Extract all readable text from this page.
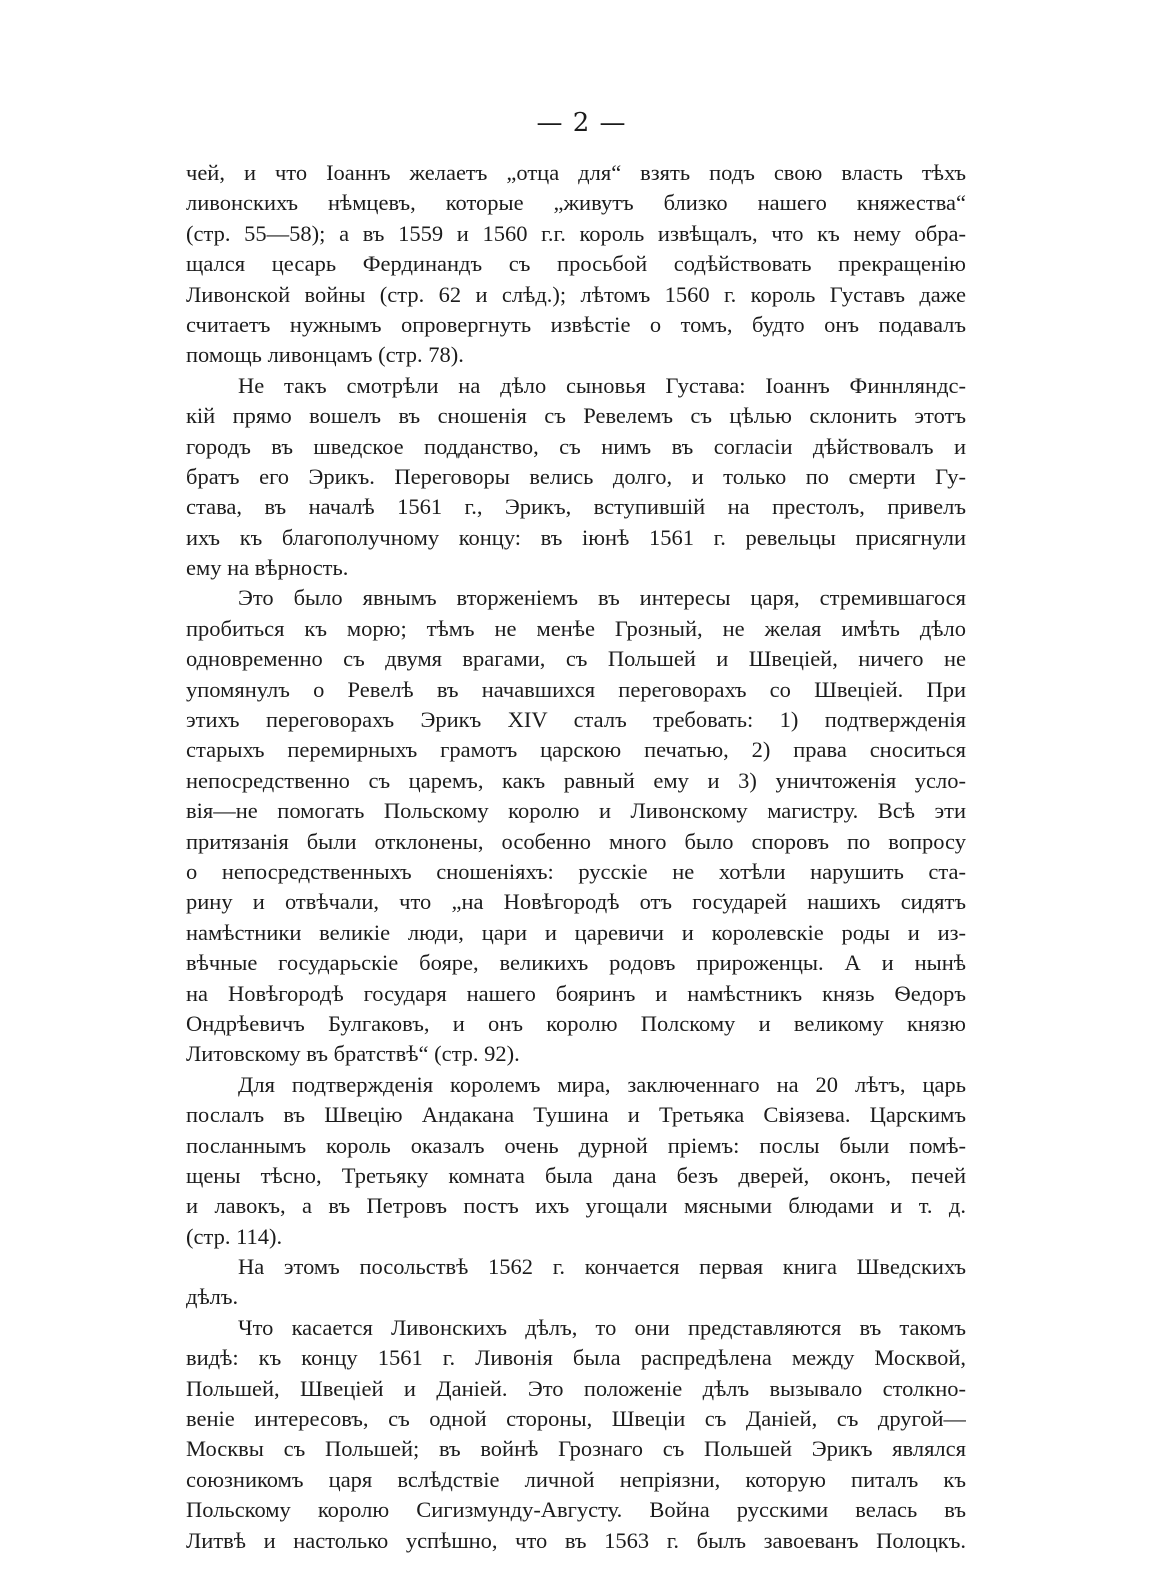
— 2 —
чей, и что Іоаннъ желаетъ „отца для“ взять подъ свою власть тѣхъ
ливонскихъ нѣмцевъ, которые „живутъ близко нашего княжества“
(стр. 55—58); а въ 1559 и 1560 г.г. король извѣщалъ, что къ нему обра-
щался цесарь Фердинандъ съ просьбой содѣйствовать прекращенію
Ливонской войны (стр. 62 и слѣд.); лѣтомъ 1560 г. король Густавъ даже
считаетъ нужнымъ опровергнуть извѣстіе о томъ, будто онъ подавалъ
помощь ливонцамъ (стр. 78).
Не такъ смотрѣли на дѣло сыновья Густава: Іоаннъ Финнляндс-
кій прямо вошелъ въ сношенія съ Ревелемъ съ цѣлью склонить этотъ
городъ въ шведское подданство, съ нимъ въ согласіи дѣйствовалъ и
братъ его Эрикъ. Переговоры велись долго, и только по смерти Гу-
става, въ началѣ 1561 г., Эрикъ, вступившій на престолъ, привелъ
ихъ къ благополучному концу: въ іюнѣ 1561 г. ревельцы присягнули
ему на вѣрность.
Это было явнымъ вторженіемъ въ интересы царя, стремившагося
пробиться къ морю; тѣмъ не менѣе Грозный, не желая имѣть дѣло
одновременно съ двумя врагами, съ Польшей и Швеціей, ничего не
упомянулъ о Ревелѣ въ начавшихся переговорахъ со Швеціей. При
этихъ переговорахъ Эрикъ XIV сталъ требовать: 1) подтвержденія
старыхъ перемирныхъ грамотъ царскою печатью, 2) права сноситься
непосредственно съ царемъ, какъ равный ему и 3) уничтоженія усло-
вія—не помогать Польскому королю и Ливонскому магистру. Всѣ эти
притязанія были отклонены, особенно много было споровъ по вопросу
о непосредственныхъ сношеніяхъ: русскіе не хотѣли нарушить ста-
рину и отвѣчали, что „на Новѣгородѣ отъ государей нашихъ сидятъ
намѣстники великіе люди, цари и царевичи и королевскіе роды и из-
вѣчные государьскіе бояре, великихъ родовъ прироженцы. А и нынѣ
на Новѣгородѣ государя нашего бояринъ и намѣстникъ князь Ѳедоръ
Ондрѣевичъ Булгаковъ, и онъ королю Полскому и великому князю
Литовскому въ братствѣ“ (стр. 92).
Для подтвержденія королемъ мира, заключеннаго на 20 лѣтъ, царь
послалъ въ Швецію Андакана Тушина и Третьяка Свіязева. Царскимъ
посланнымъ король оказалъ очень дурной пріемъ: послы были помѣ-
щены тѣсно, Третьяку комната была дана безъ дверей, оконъ, печей
и лавокъ, а въ Петровъ постъ ихъ угощали мясными блюдами и т. д.
(стр. 114).
На этомъ посольствѣ 1562 г. кончается первая книга Шведскихъ
дѣлъ.
Что касается Ливонскихъ дѣлъ, то они представляются въ такомъ
видѣ: къ концу 1561 г. Ливонія была распредѣлена между Москвой,
Польшей, Швеціей и Даніей. Это положеніе дѣлъ вызывало столкно-
веніе интересовъ, съ одной стороны, Швеціи съ Даніей, съ другой—
Москвы съ Польшей; въ войнѣ Грознаго съ Польшей Эрикъ являлся
союзникомъ царя вслѣдствіе личной непріязни, которую питалъ къ
Польскому королю Сигизмунду-Августу. Война русскими велась въ
Литвѣ и настолько успѣшно, что въ 1563 г. былъ завоеванъ Полоцкъ.
